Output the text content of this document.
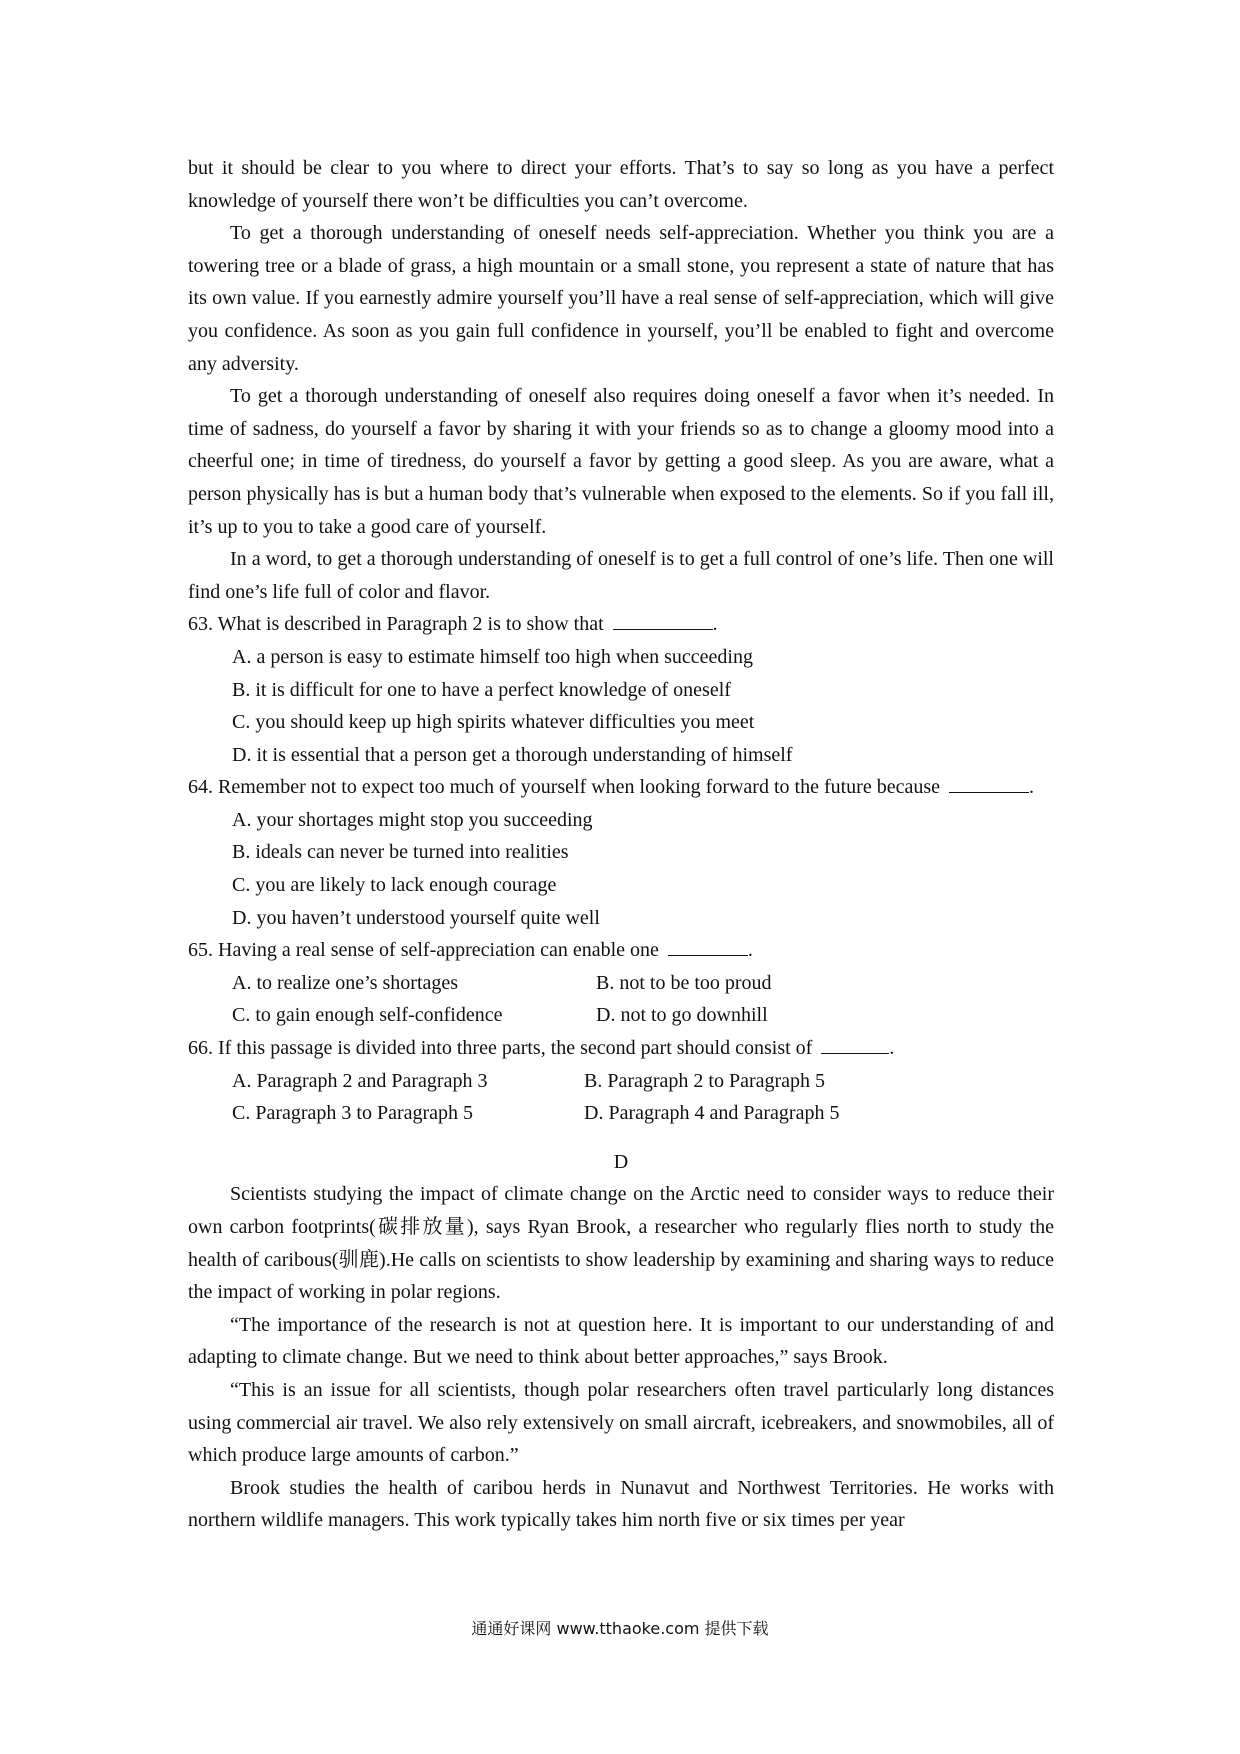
but it should be clear to you where to direct your efforts. That’s to say so long as you have a perfect knowledge of yourself there won’t be difficulties you can’t overcome.

To get a thorough understanding of oneself needs self-appreciation. Whether you think you are a towering tree or a blade of grass, a high mountain or a small stone, you represent a state of nature that has its own value. If you earnestly admire yourself you’ll have a real sense of self-appreciation, which will give you confidence. As soon as you gain full confidence in yourself, you’ll be enabled to fight and overcome any adversity.

To get a thorough understanding of oneself also requires doing oneself a favor when it’s needed. In time of sadness, do yourself a favor by sharing it with your friends so as to change a gloomy mood into a cheerful one; in time of tiredness, do yourself a favor by getting a good sleep. As you are aware, what a person physically has is but a human body that’s vulnerable when exposed to the elements. So if you fall ill, it’s up to you to take a good care of yourself.

In a word, to get a thorough understanding of oneself is to get a full control of one’s life. Then one will find one’s life full of color and flavor.

63. What is described in Paragraph 2 is to show that	.

A. a person is easy to estimate himself too high when succeeding

B. it is difficult for one to have a perfect knowledge of oneself

C. you should keep up high spirits whatever difficulties you meet

D. it is essential that a person get a thorough understanding of himself

64. Remember not to expect too much of yourself when looking forward to the future because	.

A. your shortages might stop you succeeding

B. ideals can never be turned into realities

C. you are likely to lack enough courage

D. you haven’t understood yourself quite well

65. Having a real sense of self-appreciation can enable one	.

A. to realize one’s shortages	B. not to be too proud
C. to gain enough self-confidence	D. not to go downhill

66. If this passage is divided into three parts, the second part should consist of	.

A. Paragraph 2 and Paragraph 3	B. Paragraph 2 to Paragraph 5
C. Paragraph 3 to Paragraph 5	D. Paragraph 4 and Paragraph 5

D

Scientists studying the impact of climate change on the Arctic need to consider ways to reduce their own carbon footprints(碳排放量), says Ryan Brook, a researcher who regularly flies north to study the health of caribous(驯鹿).He calls on scientists to show leadership by examining and sharing ways to reduce the impact of working in polar regions.

“The importance of the research is not at question here. It is important to our understanding of and adapting to climate change. But we need to think about better approaches,” says Brook.

“This is an issue for all scientists, though polar researchers often travel particularly long distances using commercial air travel. We also rely extensively on small aircraft, icebreakers, and snowmobiles, all of which produce large amounts of carbon.”

Brook studies the health of caribou herds in Nunavut and Northwest Territories. He works with northern wildlife managers. This work typically takes him north five or six times per year

通通好课网 www.tthaoke.com 提供下载
